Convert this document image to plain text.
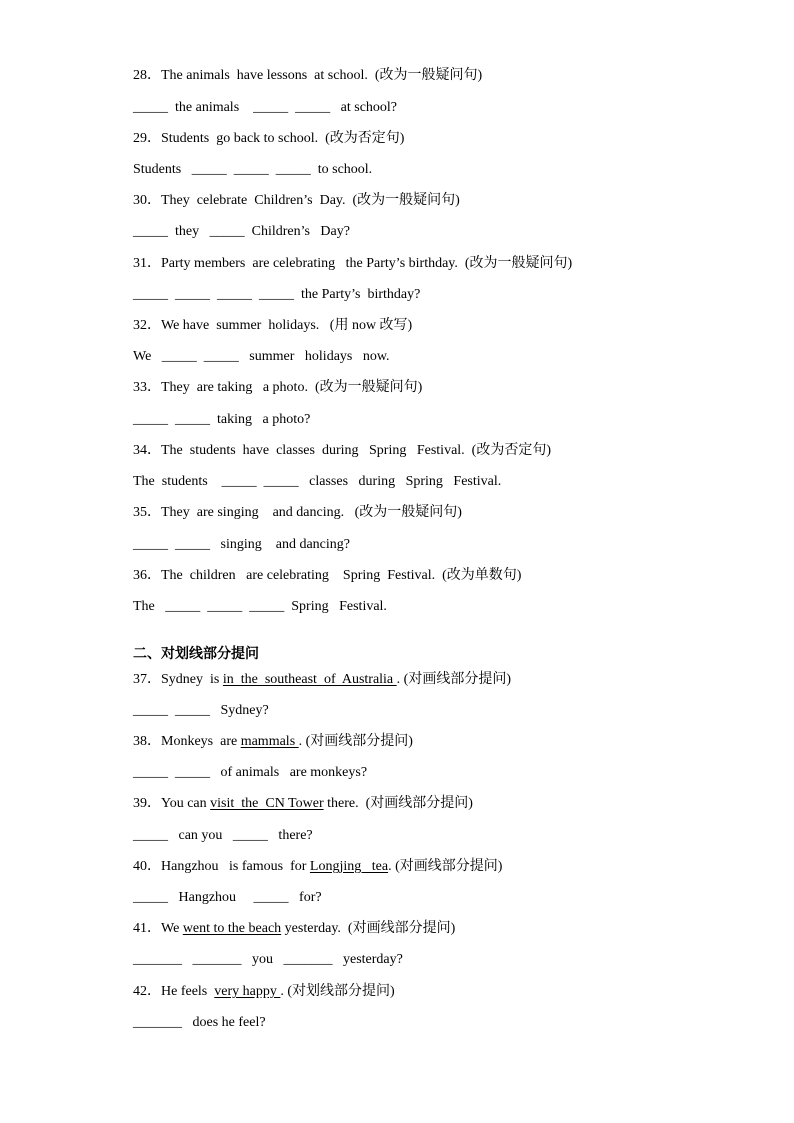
28．The animals  have lessons  at school.  (改为一般疑问句)
_____  the animals    _____  _____   at school?
29．Students  go back to school.  (改为否定句)
Students   _____  _____  _____  to school.
30．They  celebrate  Children’s  Day.  (改为一般疑问句)
_____  they   _____  Children’s   Day?
31．Party members  are celebrating   the Party’s birthday.  (改为一般疑问句)
_____  _____  _____  _____  the Party’s  birthday?
32．We have  summer  holidays.   (用 now 改写)
We   _____  _____   summer   holidays   now.
33．They  are taking   a photo.  (改为一般疑问句)
_____  _____  taking   a photo?
34．The  students  have  classes  during   Spring   Festival.  (改为否定句)
The  students    _____  _____   classes   during   Spring   Festival.
35．They  are singing    and dancing.   (改为一般疑问句)
_____  _____   singing    and dancing?
36．The  children   are celebrating    Spring  Festival.  (改为单数句)
The   _____  _____  _____  Spring   Festival.
二、对划线部分提问
37．Sydney  is in  the  southeast  of  Australia . (对画线部分提问)
_____  _____   Sydney?
38．Monkeys  are mammals . (对画线部分提问)
_____  _____   of animals   are monkeys?
39．You can visit  the  CN Tower there.  (对画线部分提问)
_____   can you   _____   there?
40．Hangzhou   is famous  for Longjing   tea. (对画线部分提问)
_____   Hangzhou     _____   for?
41．We went to the beach yesterday.  (对画线部分提问)
_______   _______   you   _______   yesterday?
42．He feels  very happy . (对划线部分提问)
_______   does he feel?
